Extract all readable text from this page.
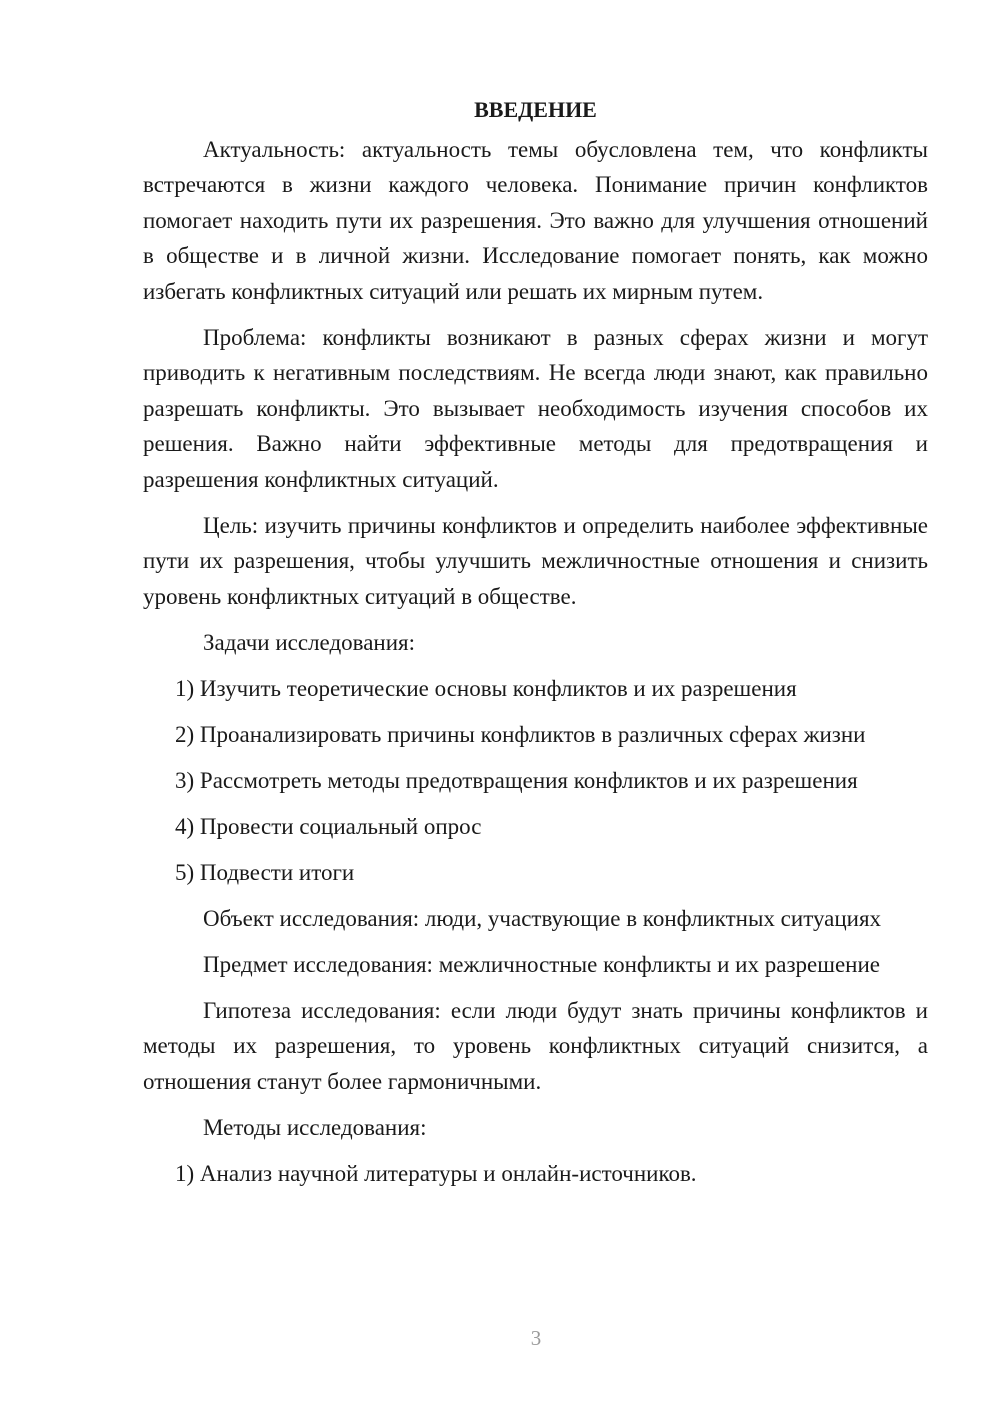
ВВЕДЕНИЕ

Актуальность: актуальность темы обусловлена тем, что конфликты встречаются в жизни каждого человека. Понимание причин конфликтов помогает находить пути их разрешения. Это важно для улучшения отношений в обществе и в личной жизни. Исследование помогает понять, как можно избегать конфликтных ситуаций или решать их мирным путем.

Проблема: конфликты возникают в разных сферах жизни и могут приводить к негативным последствиям. Не всегда люди знают, как правильно разрешать конфликты. Это вызывает необходимость изучения способов их решения. Важно найти эффективные методы для предотвращения и разрешения конфликтных ситуаций.

Цель: изучить причины конфликтов и определить наиболее эффективные пути их разрешения, чтобы улучшить межличностные отношения и снизить уровень конфликтных ситуаций в обществе.

Задачи исследования:

1) Изучить теоретические основы конфликтов и их разрешения
2) Проанализировать причины конфликтов в различных сферах жизни
3) Рассмотреть методы предотвращения конфликтов и их разрешения
4) Провести социальный опрос
5) Подвести итоги

Объект исследования: люди, участвующие в конфликтных ситуациях

Предмет исследования: межличностные конфликты и их разрешение

Гипотеза исследования: если люди будут знать причины конфликтов и методы их разрешения, то уровень конфликтных ситуаций снизится, а отношения станут более гармоничными.

Методы исследования:

1) Анализ научной литературы и онлайн-источников.
3
